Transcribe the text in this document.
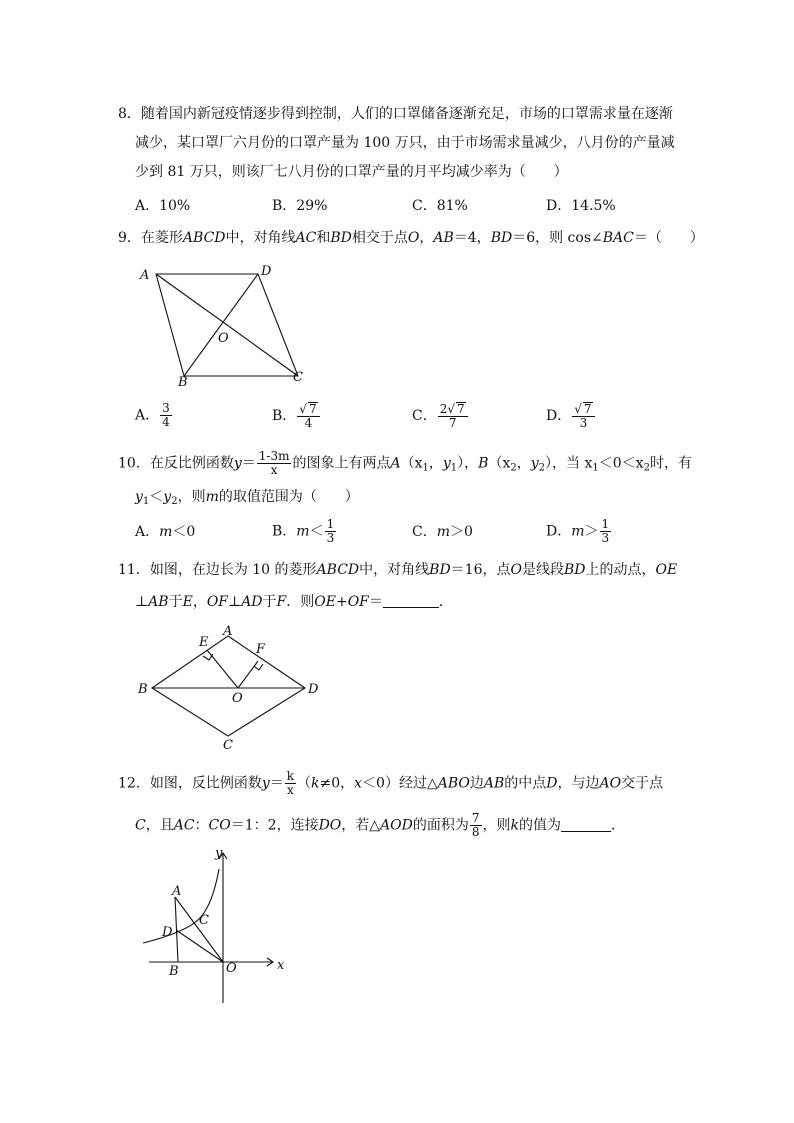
8．随着国内新冠疫情逐步得到控制，人们的口罩储备逐渐充足，市场的口罩需求量在逐渐
减少，某口罩厂六月份的口罩产量为 100 万只，由于市场需求量减少，八月份的产量减
少到 81 万只，则该厂七八月份的口罩产量的月平均减少率为（　　）
A．10%	B．29%	C．81%	D．14.5%
9．在菱形ABCD中，对角线AC和BD相交于点O，AB＝4，BD＝6，则 cos∠BAC＝（　　）
A	D
O
B	C
A． $\frac{3}{4}$	B． $\frac{√ 7}{4}$	C． $\frac{2√ 7}{7}$	D． $\frac{√ 7}{3}$
10．在反比例函数$y= \frac{1-3m}{x}$ 的图象上有两点$A(x_1$，$y_1$），$B(x_2$，$y_2$），当 $x_1<0<x_2$时，有
$y_1<y_2$，则m的取值范围为（　　）
A．m＜0	B．$m< \frac{1}{3}$	C．m＞0	D．$m> \frac{1}{3}$
11．如图，在边长为 10 的菱形ABCD中，对角线BD＝16，点O是线段BD上的动点，OE
⊥AB于E，OF⊥AD于F．则OE+OF＝	．
E
A
F
B
O
D
C
12．如图，反比例函数$y= \frac{k}{x} (k\ne 0$，x＜0）经过△ABO边AB的中点D，与边AO交于点
C，且AC：CO＝1：2，连接DO，若△AOD的面积为 $\frac{7}{8}$ ，则k的值为	．
y
A
C
D
B	O	x
